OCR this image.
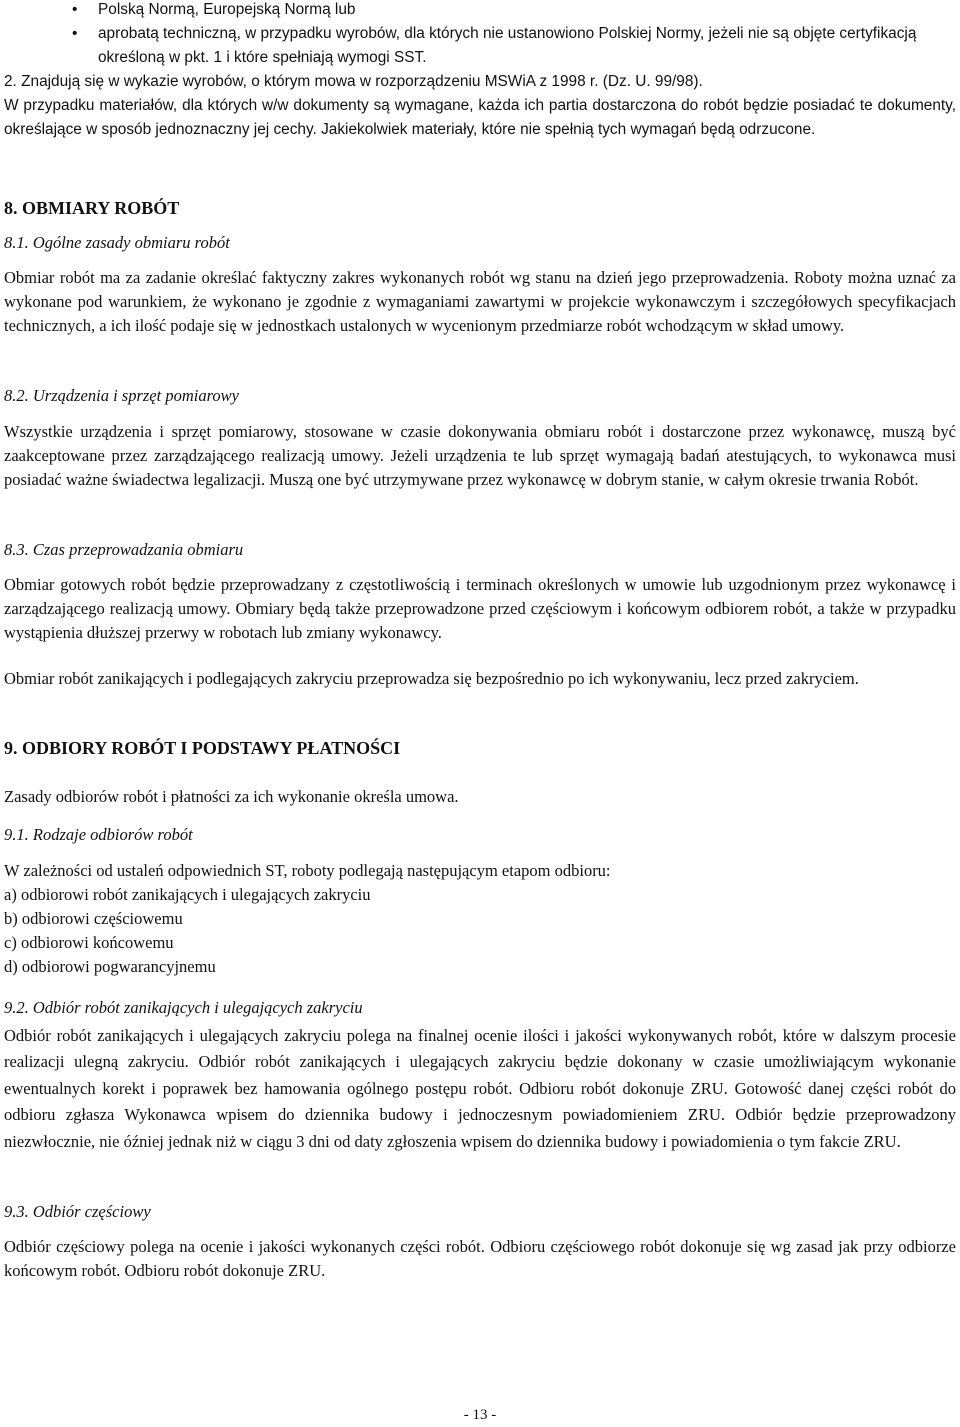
•	Polską Normą, Europejską Normą lub
•	aprobatą techniczną, w przypadku wyrobów, dla których nie ustanowiono Polskiej Normy, jeżeli nie są objęte certyfikacją określoną w pkt. 1 i które spełniają wymogi SST.

2. Znajdują się w wykazie wyrobów, o którym mowa w rozporządzeniu MSWiA z 1998 r. (Dz. U. 99/98).

W przypadku materiałów, dla których w/w dokumenty są wymagane, każda ich partia dostarczona do robót będzie posiadać te dokumenty, określające w sposób jednoznaczny jej cechy. Jakiekolwiek materiały, które nie spełnią tych wymagań będą odrzucone.

8. OBMIARY ROBÓT

8.1. Ogólne zasady obmiaru robót

Obmiar robót ma za zadanie określać faktyczny zakres wykonanych robót wg stanu na dzień jego przeprowadzenia. Roboty można uznać za wykonane pod warunkiem, że wykonano je zgodnie z wymaganiami zawartymi w projekcie wykonawczym i szczegółowych specyfikacjach technicznych, a ich ilość podaje się w jednostkach ustalonych w wycenionym przedmiarze robót wchodzącym w skład umowy.

8.2. Urządzenia i sprzęt pomiarowy

Wszystkie urządzenia i sprzęt pomiarowy, stosowane w czasie dokonywania obmiaru robót i dostarczone przez wykonawcę, muszą być zaakceptowane przez zarządzającego realizacją umowy. Jeżeli urządzenia te lub sprzęt wymagają badań atestujących, to wykonawca musi posiadać ważne świadectwa legalizacji. Muszą one być utrzymywane przez wykonawcę w dobrym stanie, w całym okresie trwania Robót.

8.3. Czas przeprowadzania obmiaru

Obmiar gotowych robót będzie przeprowadzany z częstotliwością i terminach określonych w umowie lub uzgodnionym przez wykonawcę i zarządzającego realizacją umowy. Obmiary będą także przeprowadzone przed częściowym i końcowym odbiorem robót, a także w przypadku wystąpienia dłuższej przerwy w robotach lub zmiany wykonawcy.

Obmiar robót zanikających i podlegających zakryciu przeprowadza się bezpośrednio po ich wykonywaniu, lecz przed zakryciem.

9. ODBIORY ROBÓT I PODSTAWY PŁATNOŚCI

Zasady odbiorów robót i płatności za ich wykonanie określa umowa.

9.1. Rodzaje odbiorów robót

W zależności od ustaleń odpowiednich ST, roboty podlegają następującym etapom odbioru:
a) odbiorowi robót zanikających i ulegających zakryciu
b) odbiorowi częściowemu
c) odbiorowi końcowemu
d) odbiorowi pogwarancyjnemu

9.2. Odbiór robót zanikających i ulegających zakryciu

Odbiór robót zanikających i ulegających zakryciu polega na finalnej ocenie ilości i jakości wykonywanych robót, które w dalszym procesie realizacji ulegną zakryciu. Odbiór robót zanikających i ulegających zakryciu będzie dokonany w czasie umożliwiającym wykonanie ewentualnych korekt i poprawek bez hamowania ogólnego postępu robót. Odbioru robót dokonuje ZRU. Gotowość danej części robót do odbioru zgłasza Wykonawca wpisem do dziennika budowy i jednoczesnym powiadomieniem ZRU. Odbiór będzie przeprowadzony niezwłocznie, nie óźniej jednak niż w ciągu 3 dni od daty zgłoszenia wpisem do dziennika budowy i powiadomienia o tym fakcie ZRU.

9.3. Odbiór częściowy

Odbiór częściowy polega na ocenie i jakości wykonanych części robót. Odbioru częściowego robót dokonuje się wg zasad jak przy odbiorze końcowym robót. Odbioru robót dokonuje ZRU.

- 13 -
